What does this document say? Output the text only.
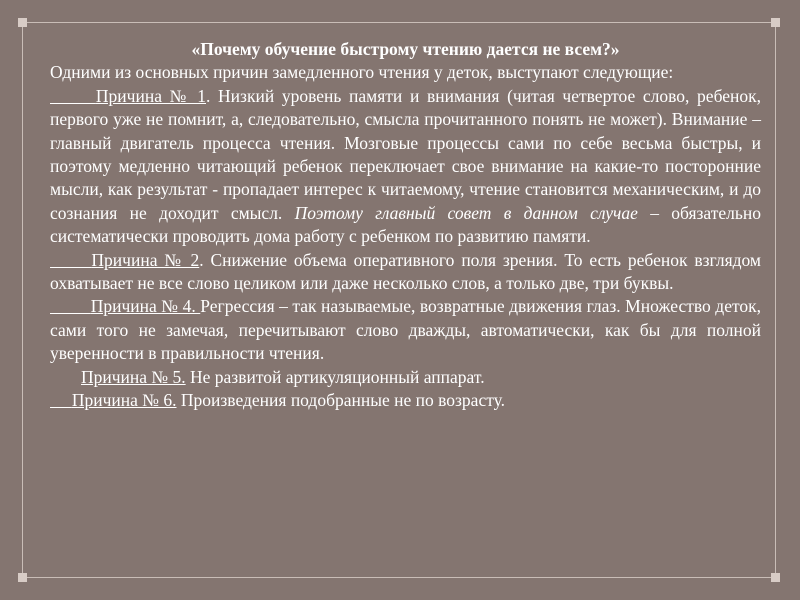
«Почему обучение быстрому чтению дается не всем?»

Одними из основных причин замедленного чтения у деток, выступают следующие:

Причина № 1. Низкий уровень памяти и внимания (читая четвертое слово, ребенок, первого уже не помнит, а, следовательно, смысла прочитанного понять не может). Внимание – главный двигатель процесса чтения. Мозговые процессы сами по себе весьма быстры, и поэтому медленно читающий ребенок переключает свое внимание на какие-то посторонние мысли, как результат - пропадает интерес к читаемому, чтение становится механическим, и до сознания не доходит смысл. Поэтому главный совет в данном случае – обязательно систематически проводить дома работу с ребенком по развитию памяти.

Причина № 2. Снижение объема оперативного поля зрения. То есть ребенок взглядом охватывает не все слово целиком или даже несколько слов, а только две, три буквы.

Причина № 4. Регрессия – так называемые, возвратные движения глаз. Множество деток, сами того не замечая, перечитывают слово дважды, автоматически, как бы для полной уверенности в правильности чтения.

Причина № 5. Не развитой артикуляционный аппарат.

Причина № 6. Произведения подобранные не по возрасту.
